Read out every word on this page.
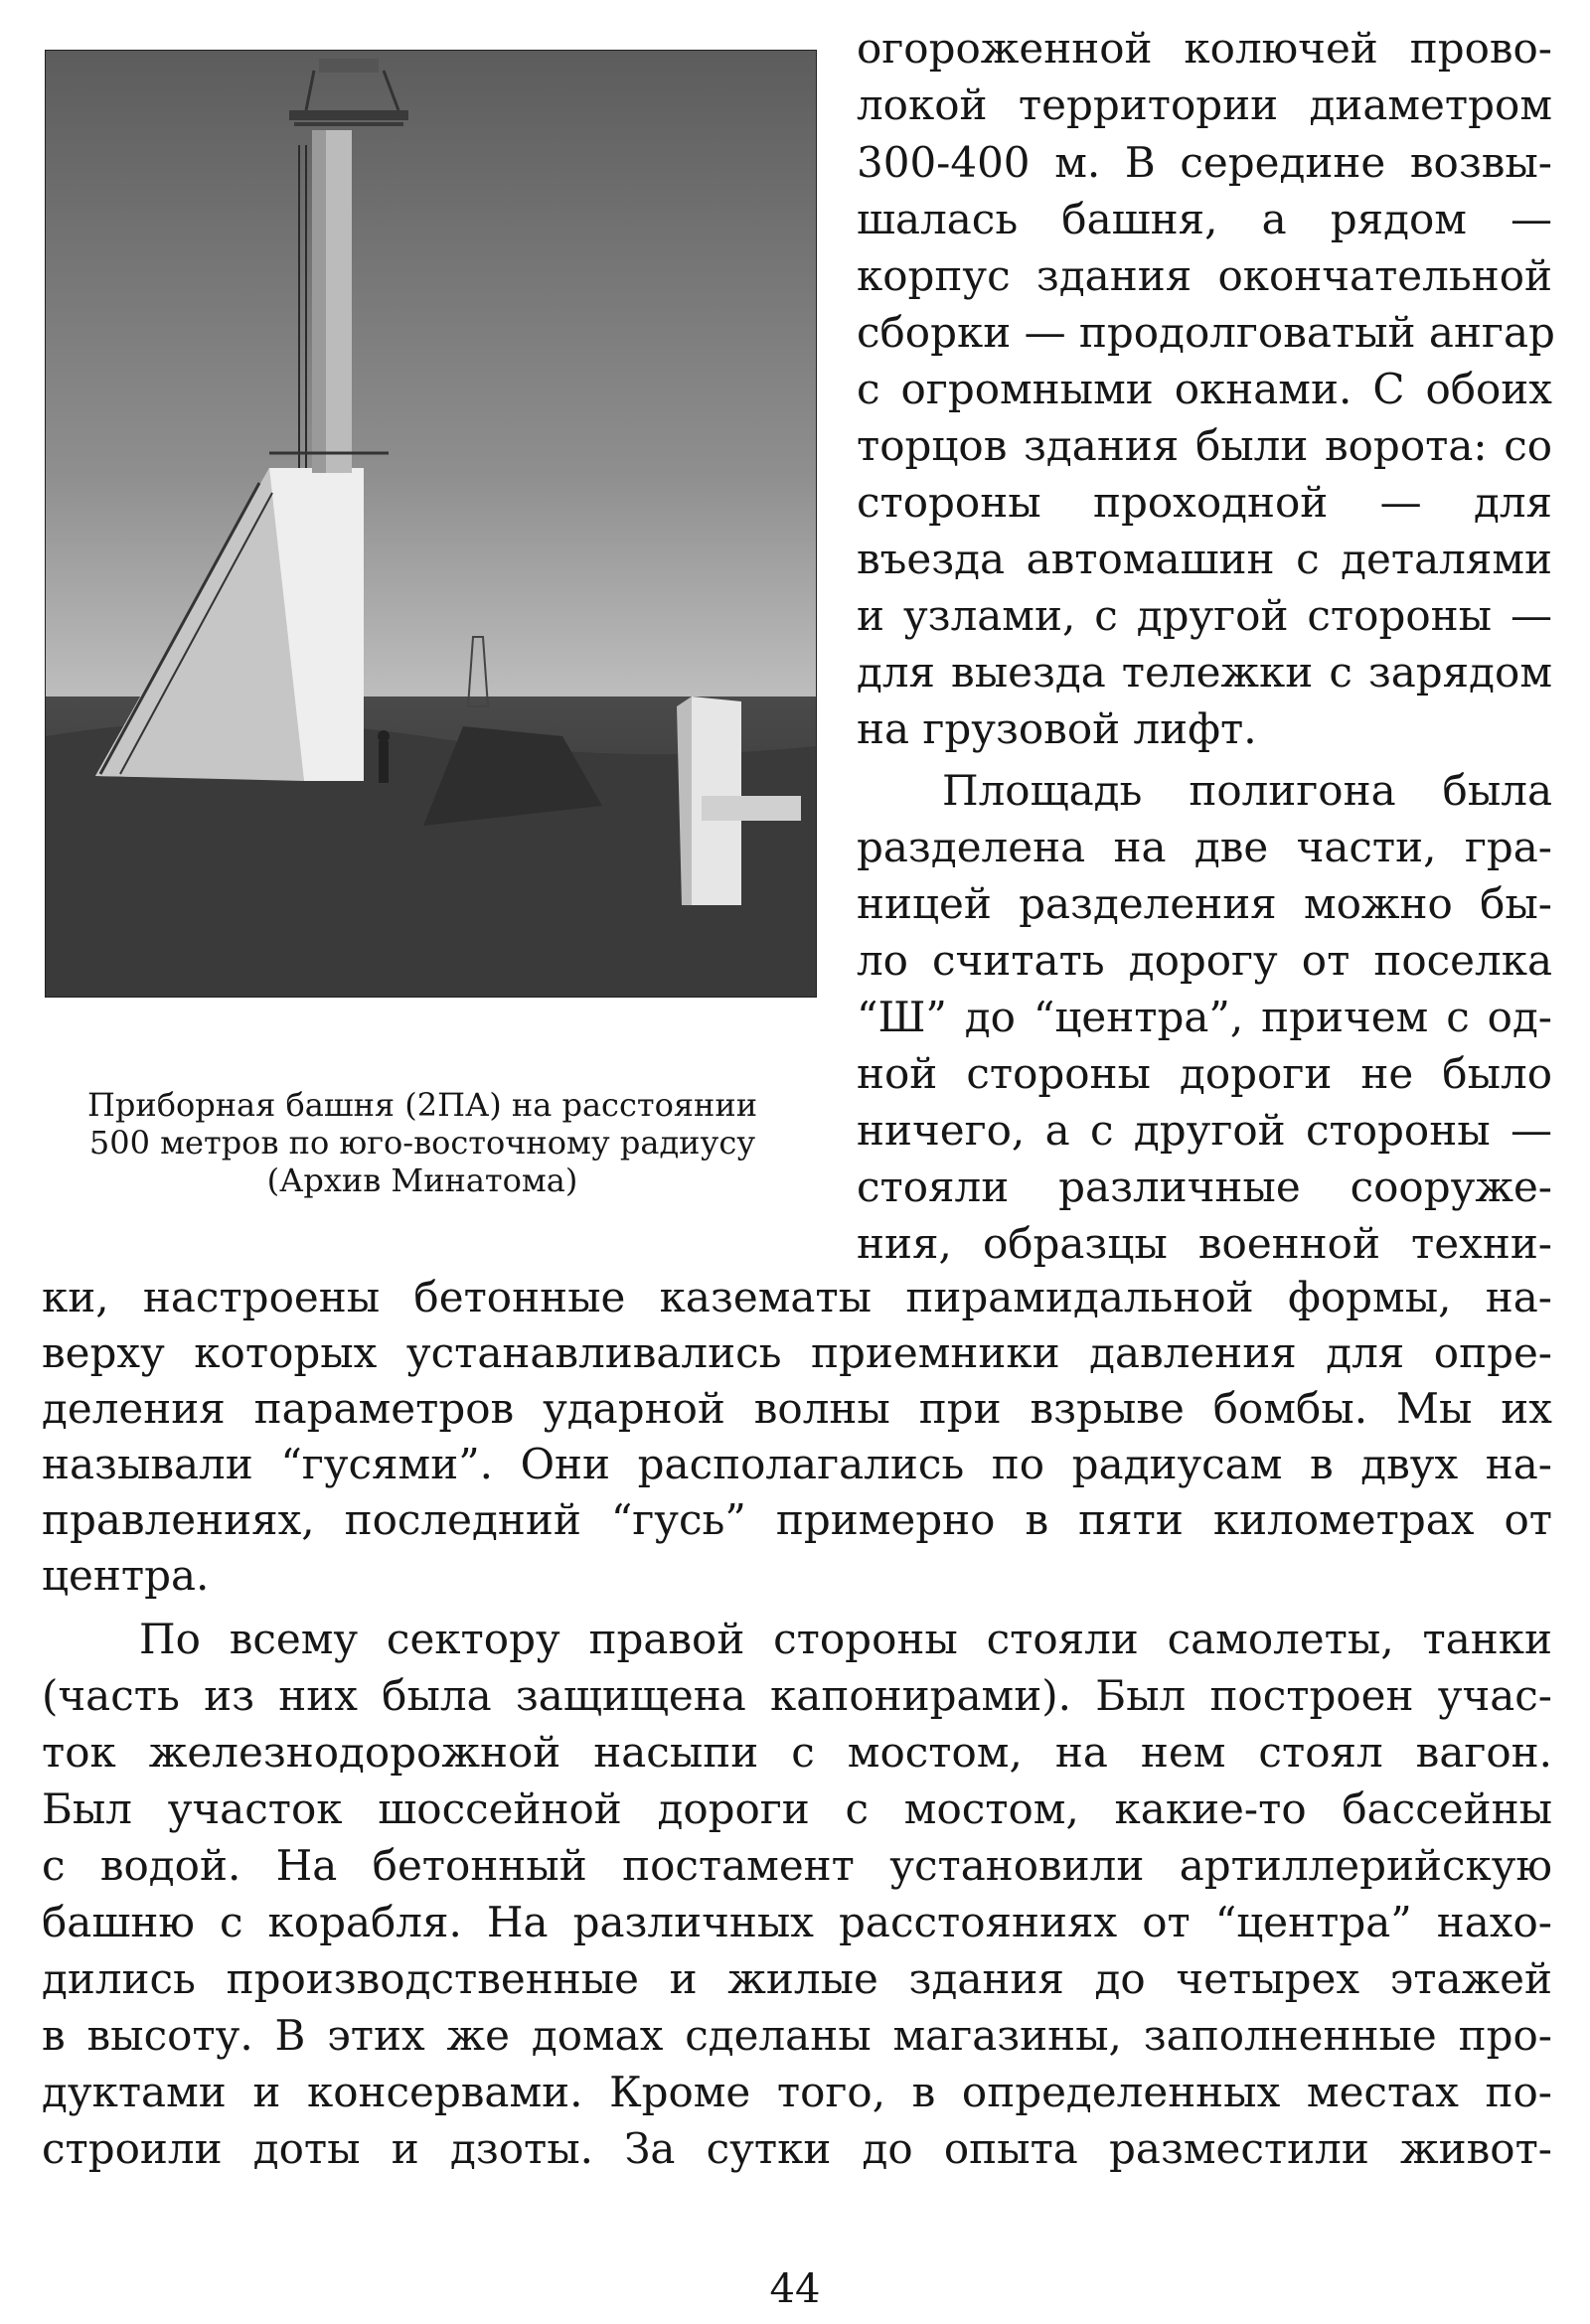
Приборная башня (2ПА) на расстоянии
500 метров по юго-восточному радиусу
(Архив Минатома)
огороженной колючей прово-
локой территории диаметром
300-400 м. В середине возвы-
шалась башня, а рядом —
корпус здания окончательной
сборки — продолговатый ангар
с огромными окнами. С обоих
торцов здания были ворота: со
стороны проходной — для
въезда автомашин с деталями
и узлами, с другой стороны —
для выезда тележки с зарядом
на грузовой лифт.
Площадь полигона была
разделена на две части, гра-
ницей разделения можно бы-
ло считать дорогу от поселка
“Ш” до “центра”, причем с од-
ной стороны дороги не было
ничего, а с другой стороны —
стояли различные сооруже-
ния, образцы военной техни-
ки, настроены бетонные казематы пирамидальной формы, на-
верху которых устанавливались приемники давления для опре-
деления параметров ударной волны при взрыве бомбы. Мы их
называли “гусями”. Они располагались по радиусам в двух на-
правлениях, последний “гусь” примерно в пяти километрах от
центра.
По всему сектору правой стороны стояли самолеты, танки
(часть из них была защищена капонирами). Был построен учас-
ток железнодорожной насыпи с мостом, на нем стоял вагон.
Был участок шоссейной дороги с мостом, какие-то бассейны
с водой. На бетонный постамент установили артиллерийскую
башню с корабля. На различных расстояниях от “центра” нахо-
дились производственные и жилые здания до четырех этажей
в высоту. В этих же домах сделаны магазины, заполненные про-
дуктами и консервами. Кроме того, в определенных местах по-
строили доты и дзоты. За сутки до опыта разместили живот-
44
